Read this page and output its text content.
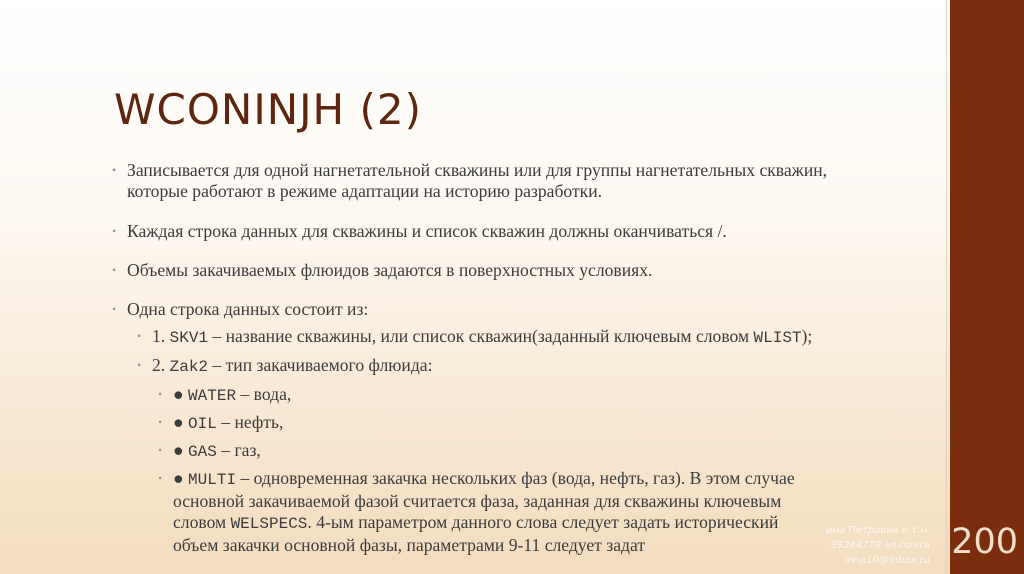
WCONINJH (2)
• Записывается для одной нагнетательной скважины или для группы нагнетательных скважин, которые работают в режиме адаптации на историю разработки.
• Каждая строка данных для скважины и список скважин должны оканчиваться /.
• Объемы закачиваемых флюидов задаются в поверхностных условиях.
• Одна строка данных состоит из:
• 1. SKV1 – название скважины, или список скважин(заданный ключевым словом WLIST);
• 2. Zak2 – тип закачиваемого флюида:
• ● WATER – вода,
• ● OIL – нефть,
• ● GAS – газ,
• ● MULTI – одновременная закачка нескольких фаз (вода, нефть, газ). В этом случае основной закачиваемой фазой считается фаза, заданная для скважины ключевым словом WELSPECS. 4-ым параметром данного слова следует задать исторический объем закачки основной фазы, параметрами 9-11 следует задат
ина Петровна к.т.н.
39244778 эл.почта
inna10@inbox.ru 200
